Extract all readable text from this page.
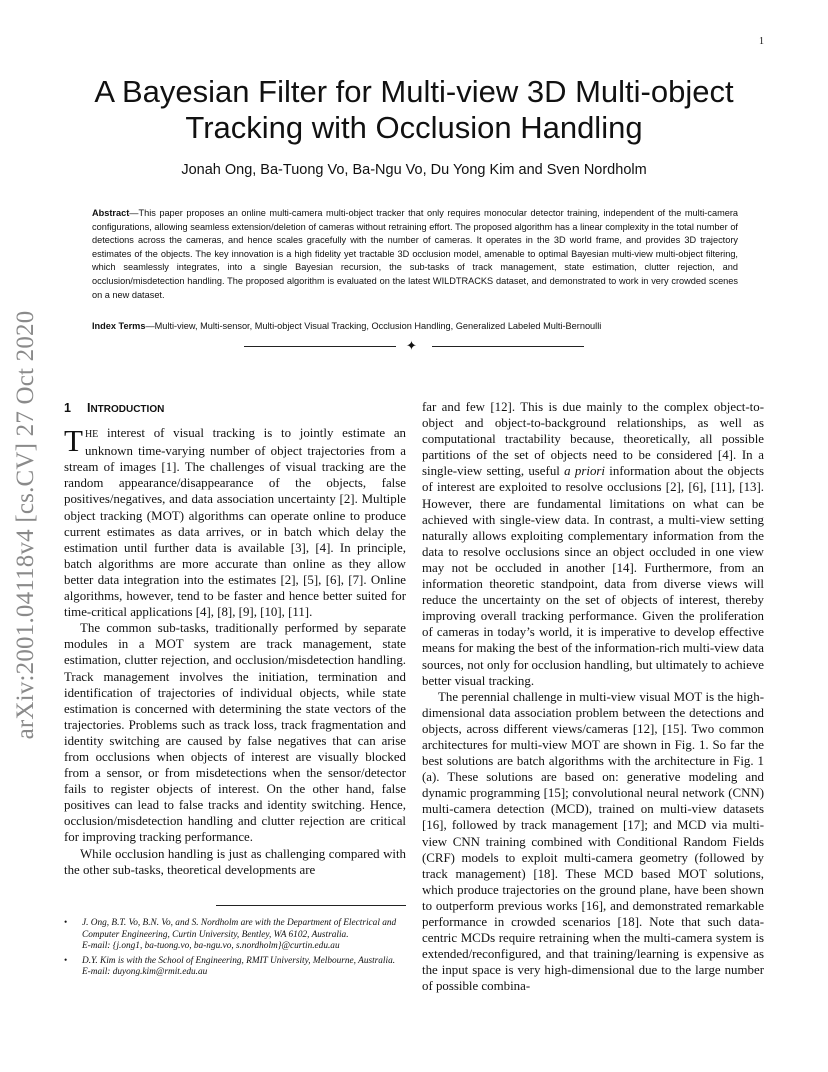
1
arXiv:2001.04118v4 [cs.CV] 27 Oct 2020
A Bayesian Filter for Multi-view 3D Multi-object
Tracking with Occlusion Handling
Jonah Ong, Ba-Tuong Vo, Ba-Ngu Vo, Du Yong Kim and Sven Nordholm

Abstract—This paper proposes an online multi-camera multi-object tracker that only requires monocular detector training, independent of the multi-camera configurations, allowing seamless extension/deletion of cameras without retraining effort. The proposed algorithm has a linear complexity in the total number of detections across the cameras, and hence scales gracefully with the number of cameras. It operates in the 3D world frame, and provides 3D trajectory estimates of the objects. The key innovation is a high fidelity yet tractable 3D occlusion model, amenable to optimal Bayesian multi-view multi-object filtering, which seamlessly integrates, into a single Bayesian recursion, the sub-tasks of track management, state estimation, clutter rejection, and occlusion/misdetection handling. The proposed algorithm is evaluated on the latest WILDTRACKS dataset, and demonstrated to work in very crowded scenes on a new dataset.

Index Terms—Multi-view, Multi-sensor, Multi-object Visual Tracking, Occlusion Handling, Generalized Labeled Multi-Bernoulli

✦
1 INTRODUCTION

THE interest of visual tracking is to jointly estimate an unknown time-varying number of object trajectories from a stream of images [1]. The challenges of visual tracking are the random appearance/disappearance of the objects, false positives/negatives, and data association uncertainty [2]. Multiple object tracking (MOT) algorithms can operate online to produce current estimates as data arrives, or in batch which delay the estimation until further data is available [3], [4]. In principle, batch algorithms are more accurate than online as they allow better data integration into the estimates [2], [5], [6], [7]. Online algorithms, however, tend to be faster and hence better suited for time-critical applications [4], [8], [9], [10], [11].

The common sub-tasks, traditionally performed by separate modules in a MOT system are track management, state estimation, clutter rejection, and occlusion/misdetection handling. Track management involves the initiation, termination and identification of trajectories of individual objects, while state estimation is concerned with determining the state vectors of the trajectories. Problems such as track loss, track fragmentation and identity switching are caused by false negatives that can arise from occlusions when objects of interest are visually blocked from a sensor, or from misdetections when the sensor/detector fails to register objects of interest. On the other hand, false positives can lead to false tracks and identity switching. Hence, occlusion/misdetection handling and clutter rejection are critical for improving tracking performance.

While occlusion handling is just as challenging compared with the other sub-tasks, theoretical developments are

• J. Ong, B.T. Vo, B.N. Vo, and S. Nordholm are with the Department of Electrical and Computer Engineering, Curtin University, Bentley, WA 6102, Australia.
E-mail: {j.ong1, ba-tuong.vo, ba-ngu.vo, s.nordholm}@curtin.edu.au
• D.Y. Kim is with the School of Engineering, RMIT University, Melbourne, Australia.
E-mail: duyong.kim@rmit.edu.au

far and few [12]. This is due mainly to the complex object-to-object and object-to-background relationships, as well as computational tractability because, theoretically, all possible partitions of the set of objects need to be considered [4]. In a single-view setting, useful a priori information about the objects of interest are exploited to resolve occlusions [2], [6], [11], [13]. However, there are fundamental limitations on what can be achieved with single-view data. In contrast, a multi-view setting naturally allows exploiting complementary information from the data to resolve occlusions since an object occluded in one view may not be occluded in another [14]. Furthermore, from an information theoretic standpoint, data from diverse views will reduce the uncertainty on the set of objects of interest, thereby improving overall tracking performance. Given the proliferation of cameras in today’s world, it is imperative to develop effective means for making the best of the information-rich multi-view data sources, not only for occlusion handling, but ultimately to achieve better visual tracking.

The perennial challenge in multi-view visual MOT is the high-dimensional data association problem between the detections and objects, across different views/cameras [12], [15]. Two common architectures for multi-view MOT are shown in Fig. 1. So far the best solutions are batch algorithms with the architecture in Fig. 1 (a). These solutions are based on: generative modeling and dynamic programming [15]; convolutional neural network (CNN) multi-camera detection (MCD), trained on multi-view datasets [16], followed by track management [17]; and MCD via multi-view CNN training combined with Conditional Random Fields (CRF) models to exploit multi-camera geometry (followed by track management) [18]. These MCD based MOT solutions, which produce trajectories on the ground plane, have been shown to outperform previous works [16], and demonstrated remarkable performance in crowded scenarios [18]. Note that such data-centric MCDs require retraining when the multi-camera system is extended/reconfigured, and that training/learning is expensive as the input space is very high-dimensional due to the large number of possible combina-
